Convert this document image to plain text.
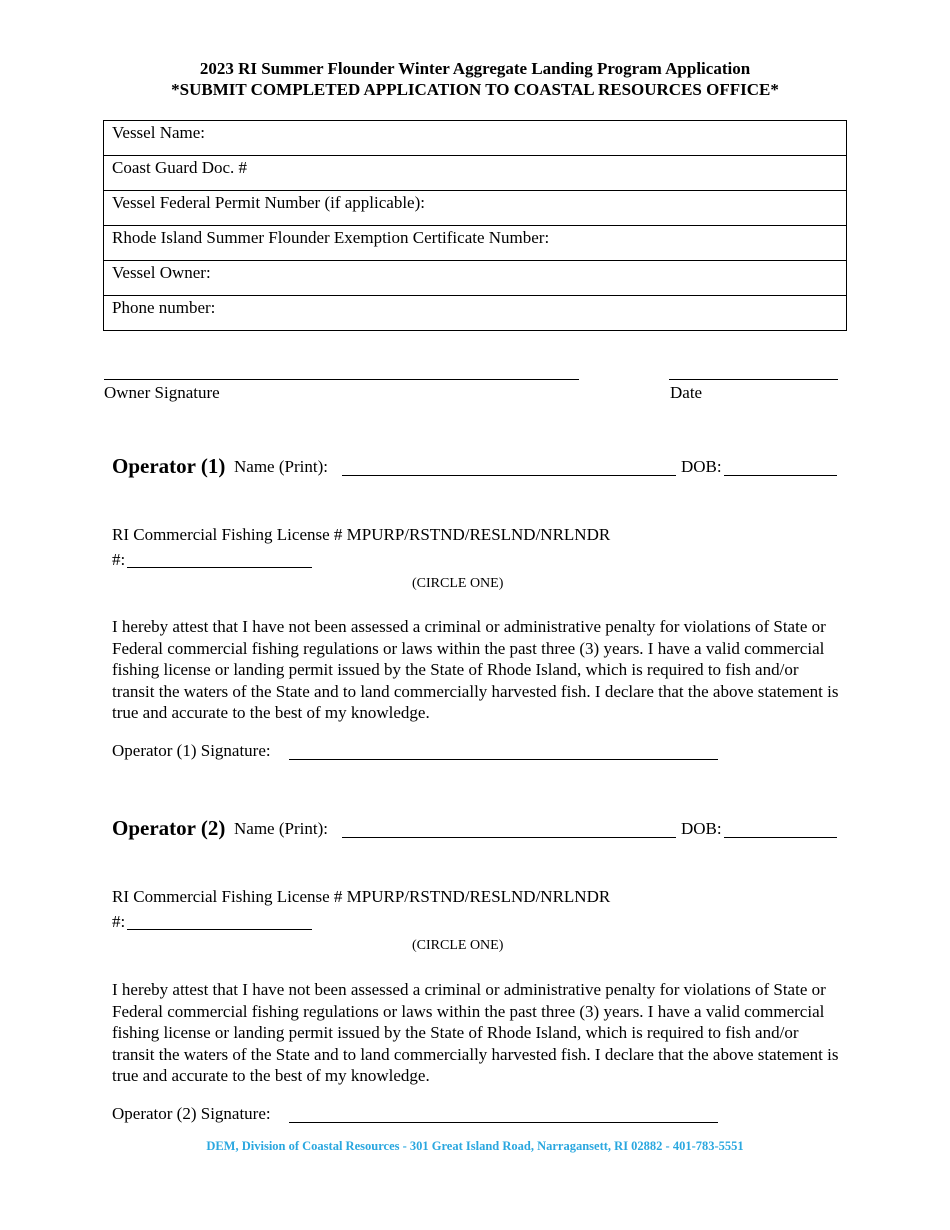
2023 RI Summer Flounder Winter Aggregate Landing Program Application

*SUBMIT COMPLETED APPLICATION TO COASTAL RESOURCES OFFICE*

Vessel Name:
Coast Guard Doc. #
Vessel Federal Permit Number (if applicable):
Rhode Island Summer Flounder Exemption Certificate Number:
Vessel Owner:
Phone number:
Owner Signature	Date
Operator (1) Name (Print):	DOB:
RI Commercial Fishing License # MPURP/RSTND/RESLND/NRLNDR
#:
(CIRCLE ONE)

I hereby attest that I have not been assessed a criminal or administrative penalty for violations of State or Federal commercial fishing regulations or laws within the past three (3) years. I have a valid commercial fishing license or landing permit issued by the State of Rhode Island, which is required to fish and/or transit the waters of the State and to land commercially harvested fish. I declare that the above statement is true and accurate to the best of my knowledge.

Operator (1) Signature:
Operator (2) Name (Print):	DOB:
RI Commercial Fishing License # MPURP/RSTND/RESLND/NRLNDR
#:
(CIRCLE ONE)

I hereby attest that I have not been assessed a criminal or administrative penalty for violations of State or Federal commercial fishing regulations or laws within the past three (3) years. I have a valid commercial fishing license or landing permit issued by the State of Rhode Island, which is required to fish and/or transit the waters of the State and to land commercially harvested fish. I declare that the above statement is true and accurate to the best of my knowledge.

Operator (2) Signature:
DEM, Division of Coastal Resources - 301 Great Island Road, Narragansett, RI 02882 - 401-783-5551
